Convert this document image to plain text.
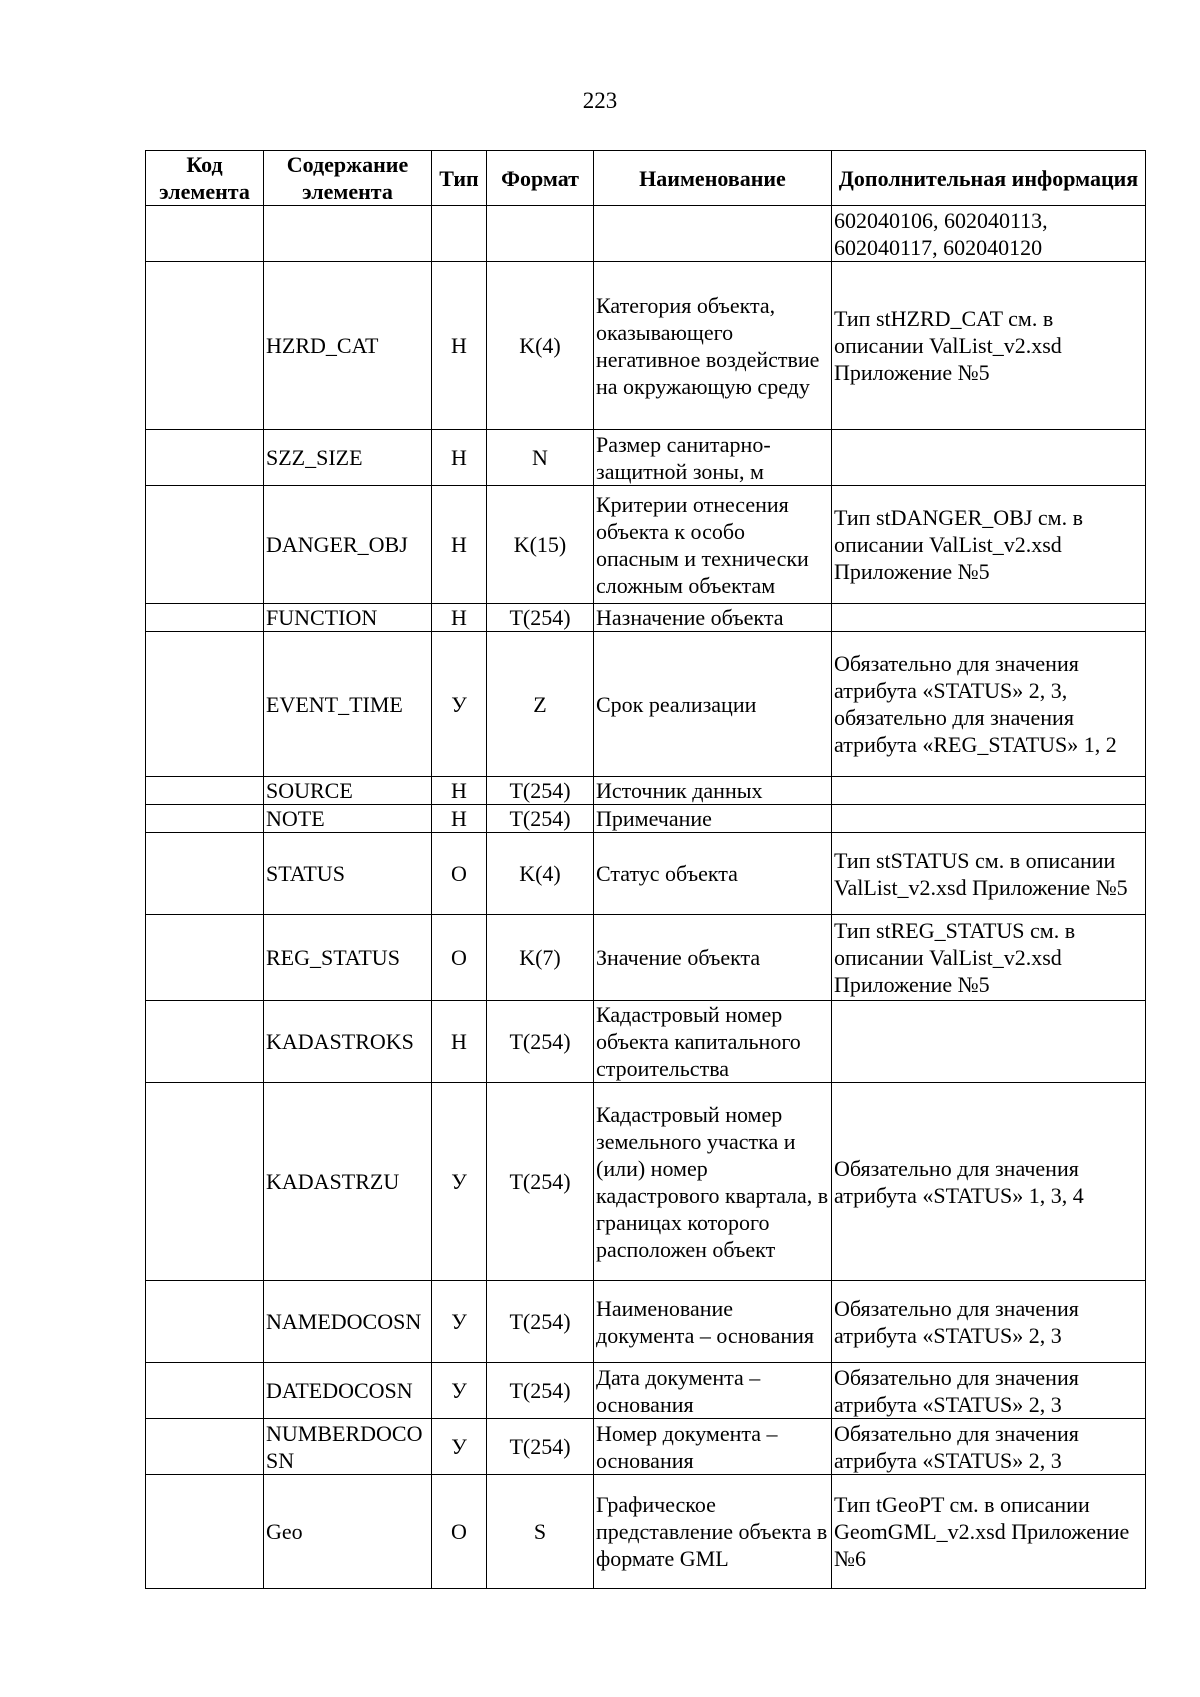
223
Код элемента	Содержание элемента	Тип	Формат	Наименование	Дополнительная информация
					602040106, 602040113, 602040117, 602040120
	HZRD_CAT	Н	K(4)	Категория объекта, оказывающего негативное воздействие на окружающую среду	Тип stHZRD_CAT см. в описании ValList_v2.xsd Приложение №5
	SZZ_SIZE	Н	N	Размер санитарно-защитной зоны, м	
	DANGER_OBJ	Н	K(15)	Критерии отнесения объекта к особо опасным и технически сложным объектам	Тип stDANGER_OBJ см. в описании ValList_v2.xsd Приложение №5
	FUNCTION	Н	T(254)	Назначение объекта	
	EVENT_TIME	У	Z	Срок реализации	Обязательно для значения атрибута «STATUS» 2, 3, обязательно для значения атрибута «REG_STATUS» 1, 2
	SOURCE	Н	T(254)	Источник данных	
	NOTE	Н	T(254)	Примечание	
	STATUS	О	K(4)	Статус объекта	Тип stSTATUS см. в описании ValList_v2.xsd Приложение №5
	REG_STATUS	О	K(7)	Значение объекта	Тип stREG_STATUS см. в описании ValList_v2.xsd Приложение №5
	KADASTROKS	Н	T(254)	Кадастровый номер объекта капитального строительства	
	KADASTRZU	У	T(254)	Кадастровый номер земельного участка и (или) номер кадастрового квартала, в границах которого расположен объект	Обязательно для значения атрибута «STATUS» 1, 3, 4
	NAMEDOCOSN	У	T(254)	Наименование документа – основания	Обязательно для значения атрибута «STATUS» 2, 3
	DATEDOCOSN	У	T(254)	Дата документа – основания	Обязательно для значения атрибута «STATUS» 2, 3
	NUMBERDOCOSN	У	T(254)	Номер документа – основания	Обязательно для значения атрибута «STATUS» 2, 3
	Geo	О	S	Графическое представление объекта в формате GML	Тип tGeoPT см. в описании GeomGML_v2.xsd Приложение №6
